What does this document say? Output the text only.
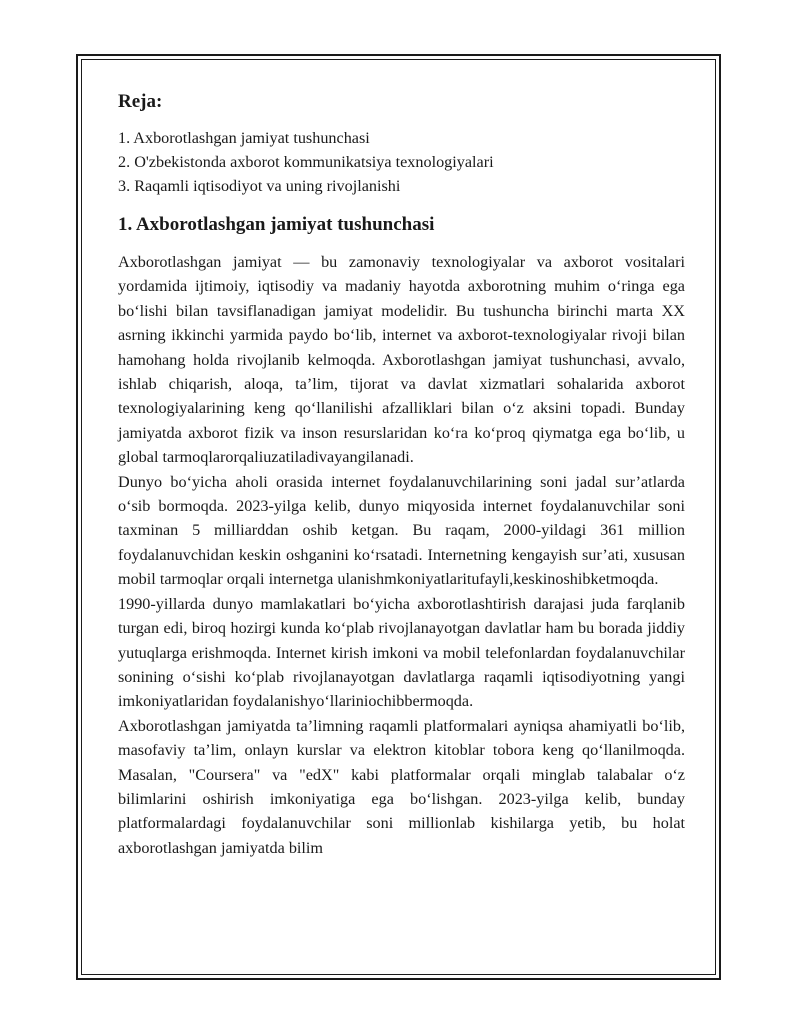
Reja:
1. Axborotlashgan jamiyat tushunchasi
2. O'zbekistonda axborot kommunikatsiya texnologiyalari
3. Raqamli iqtisodiyot va uning rivojlanishi
1. Axborotlashgan jamiyat tushunchasi

Axborotlashgan jamiyat — bu zamonaviy texnologiyalar va axborot vositalari yordamida ijtimoiy, iqtisodiy va madaniy hayotda axborotning muhim o‘ringa ega bo‘lishi bilan tavsiflanadigan jamiyat modelidir. Bu tushuncha birinchi marta XX asrning ikkinchi yarmida paydo bo‘lib, internet va axborot-texnologiyalar rivoji bilan hamohang holda rivojlanib kelmoqda. Axborotlashgan jamiyat tushunchasi, avvalo, ishlab chiqarish, aloqa, ta’lim, tijorat va davlat xizmatlari sohalarida axborot texnologiyalarining keng qo‘llanilishi afzalliklari bilan o‘z aksini topadi. Bunday jamiyatda axborot fizik va inson resurslaridan ko‘ra ko‘proq qiymatga ega bo‘lib, u global tarmoqlarorqaliuzatiladivayangilanadi.

Dunyo bo‘yicha aholi orasida internet foydalanuvchilarining soni jadal sur’atlarda o‘sib bormoqda. 2023-yilga kelib, dunyo miqyosida internet foydalanuvchilar soni taxminan 5 milliarddan oshib ketgan. Bu raqam, 2000-yildagi 361 million foydalanuvchidan keskin oshganini ko‘rsatadi. Internetning kengayish sur’ati, xususan mobil tarmoqlar orqali internetga ulanishmkoniyatlaritufayli,keskinoshibketmoqda.

1990-yillarda dunyo mamlakatlari bo‘yicha axborotlashtirish darajasi juda farqlanib turgan edi, biroq hozirgi kunda ko‘plab rivojlanayotgan davlatlar ham bu borada jiddiy yutuqlarga erishmoqda. Internet kirish imkoni va mobil telefonlardan foydalanuvchilar sonining o‘sishi ko‘plab rivojlanayotgan davlatlarga raqamli iqtisodiyotning yangi imkoniyatlaridan foydalanishyo‘llariniochibbermoqda.

Axborotlashgan jamiyatda ta’limning raqamli platformalari ayniqsa ahamiyatli bo‘lib, masofaviy ta’lim, onlayn kurslar va elektron kitoblar tobora keng qo‘llanilmoqda. Masalan, "Coursera" va "edX" kabi platformalar orqali minglab talabalar o‘z bilimlarini oshirish imkoniyatiga ega bo‘lishgan. 2023-yilga kelib, bunday platformalardagi foydalanuvchilar soni millionlab kishilarga yetib, bu holat axborotlashgan jamiyatda bilim
